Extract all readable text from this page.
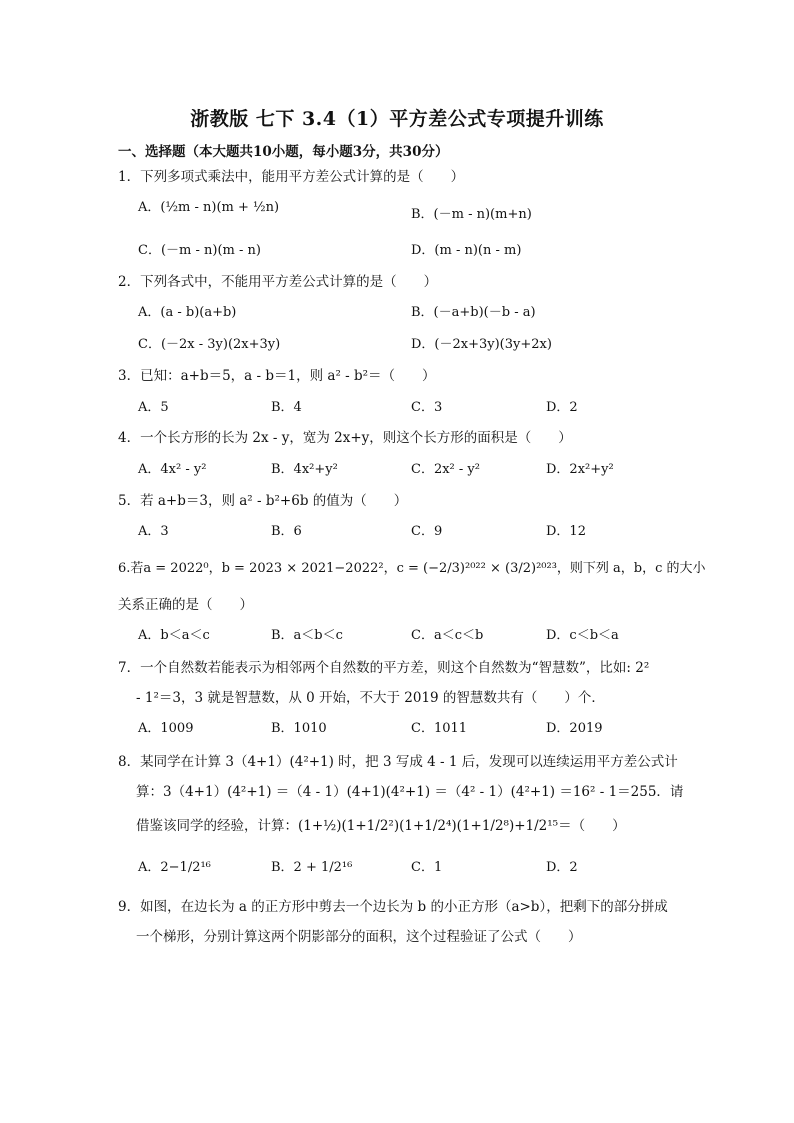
浙教版 七下 3.4（1）平方差公式专项提升训练
一、选择题（本大题共10小题，每小题3分，共30分）
1．下列多项式乘法中，能用平方差公式计算的是（　　）
A．(½m - n)(m + ½n)	B．(－m - n)(m+n)
C．(－m - n)(m - n)	D．(m - n)(n - m)
2．下列各式中，不能用平方差公式计算的是（　　）
A．(a - b)(a+b)	B．(－a+b)(－b - a)
C．(－2x - 3y)(2x+3y)	D．(－2x+3y)(3y+2x)
3．已知：a+b＝5，a - b＝1，则 a² - b²＝（　　）
A．5	B．4	C．3	D．2
4．一个长方形的长为 2x - y，宽为 2x+y，则这个长方形的面积是（　　）
A．4x² - y²	B．4x²+y²	C．2x² - y²	D．2x²+y²
5．若 a+b＝3，则 a² - b²+6b 的值为（　　）
A．3	B．6	C．9	D．12
6.若a = 2022⁰，b = 2023 × 2021−2022²，c = (−2/3)²⁰²² × (3/2)²⁰²³，则下列 a，b，c 的大小
关系正确的是（　　）
A．b＜a＜c	B．a＜b＜c	C．a＜c＜b	D．c＜b＜a
7．一个自然数若能表示为相邻两个自然数的平方差，则这个自然数为“智慧数”，比如: 2²
- 1²＝3，3 就是智慧数，从 0 开始，不大于 2019 的智慧数共有（　　）个．
A．1009	B．1010	C．1011	D．2019
8．某同学在计算 3（4+1）(4²+1) 时，把 3 写成 4 - 1 后，发现可以连续运用平方差公式计
算：3（4+1）(4²+1) ＝（4 - 1）(4+1)(4²+1) ＝（4² - 1）(4²+1) ＝16² - 1＝255．请
借鉴该同学的经验，计算：(1+½)(1+1/2²)(1+1/2⁴)(1+1/2⁸)+1/2¹⁵＝（　　）
A．2−1/2¹⁶	B．2 + 1/2¹⁶	C．1	D．2
9．如图，在边长为 a 的正方形中剪去一个边长为 b 的小正方形（a>b），把剩下的部分拼成
一个梯形，分别计算这两个阴影部分的面积，这个过程验证了公式（　　）
